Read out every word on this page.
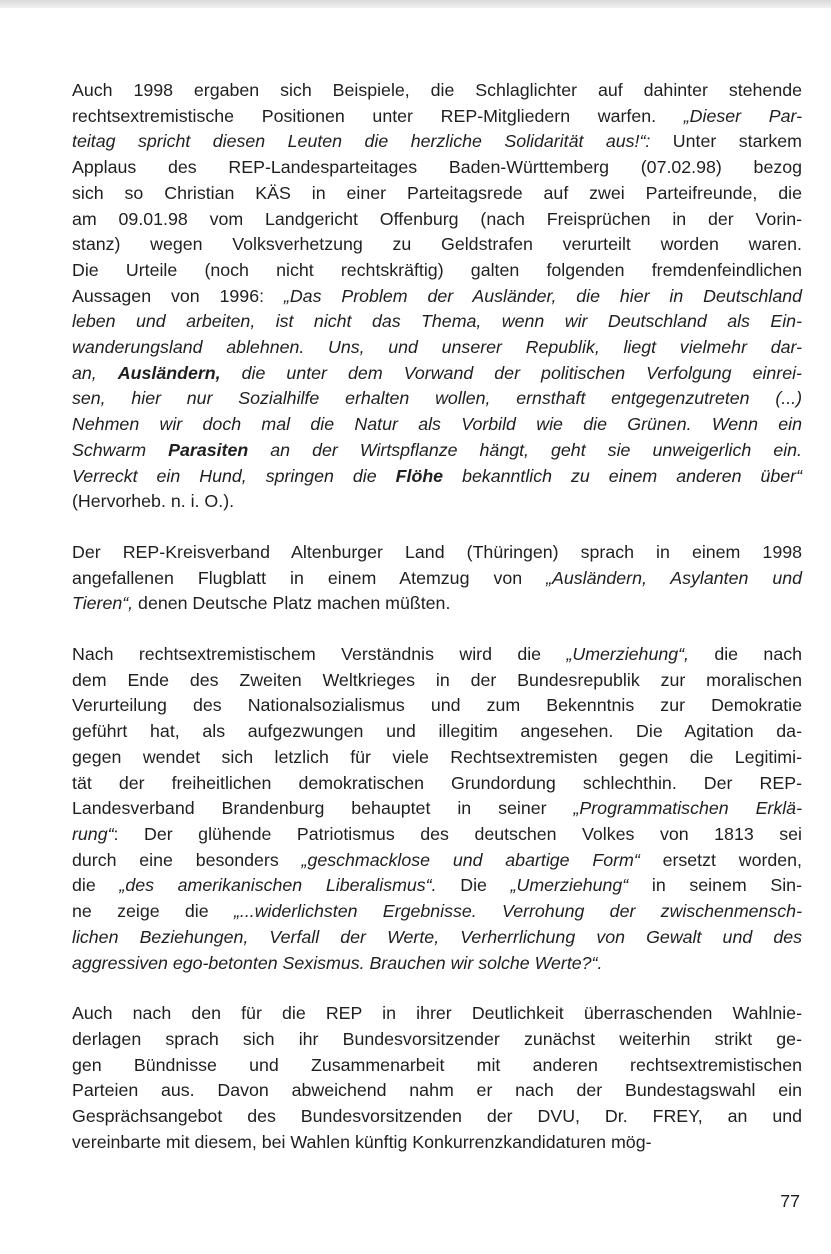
Auch 1998 ergaben sich Beispiele, die Schlaglichter auf dahinter stehende
rechtsextremistische Positionen unter REP-Mitgliedern warfen. „Dieser Par-
teitag spricht diesen Leuten die herzliche Solidarität aus!“: Unter starkem
Applaus des REP-Landesparteitages Baden-Württemberg (07.02.98) bezog
sich so Christian KÄS in einer Parteitagsrede auf zwei Parteifreunde, die
am 09.01.98 vom Landgericht Offenburg (nach Freisprüchen in der Vorin-
stanz) wegen Volksverhetzung zu Geldstrafen verurteilt worden waren.
Die Urteile (noch nicht rechtskräftig) galten folgenden fremdenfeindlichen
Aussagen von 1996: „Das Problem der Ausländer, die hier in Deutschland
leben und arbeiten, ist nicht das Thema, wenn wir Deutschland als Ein-
wanderungsland ablehnen. Uns, und unserer Republik, liegt vielmehr dar-
an, Ausländern, die unter dem Vorwand der politischen Verfolgung einrei-
sen, hier nur Sozialhilfe erhalten wollen, ernsthaft entgegenzutreten (...)
Nehmen wir doch mal die Natur als Vorbild wie die Grünen. Wenn ein
Schwarm Parasiten an der Wirtspflanze hängt, geht sie unweigerlich ein.
Verreckt ein Hund, springen die Flöhe bekanntlich zu einem anderen über“
(Hervorheb. n. i. O.).

Der REP-Kreisverband Altenburger Land (Thüringen) sprach in einem 1998
angefallenen Flugblatt in einem Atemzug von „Ausländern, Asylanten und
Tieren“, denen Deutsche Platz machen müßten.

Nach rechtsextremistischem Verständnis wird die „Umerziehung“, die nach
dem Ende des Zweiten Weltkrieges in der Bundesrepublik zur moralischen
Verurteilung des Nationalsozialismus und zum Bekenntnis zur Demokratie
geführt hat, als aufgezwungen und illegitim angesehen. Die Agitation da-
gegen wendet sich letzlich für viele Rechtsextremisten gegen die Legitimi-
tät der freiheitlichen demokratischen Grundordung schlechthin. Der REP-
Landesverband Brandenburg behauptet in seiner „Programmatischen Erklä-
rung“: Der glühende Patriotismus des deutschen Volkes von 1813 sei
durch eine besonders „geschmacklose und abartige Form“ ersetzt worden,
die „des amerikanischen Liberalismus“. Die „Umerziehung“ in seinem Sin-
ne zeige die „...widerlichsten Ergebnisse. Verrohung der zwischenmensch-
lichen Beziehungen, Verfall der Werte, Verherrlichung von Gewalt und des
aggressiven ego-betonten Sexismus. Brauchen wir solche Werte?“.

Auch nach den für die REP in ihrer Deutlichkeit überraschenden Wahlnie-
derlagen sprach sich ihr Bundesvorsitzender zunächst weiterhin strikt ge-
gen Bündnisse und Zusammenarbeit mit anderen rechtsextremistischen
Parteien aus. Davon abweichend nahm er nach der Bundestagswahl ein
Gesprächsangebot des Bundesvorsitzenden der DVU, Dr. FREY, an und
vereinbarte mit diesem, bei Wahlen künftig Konkurrenzkandidaturen mög-

77
